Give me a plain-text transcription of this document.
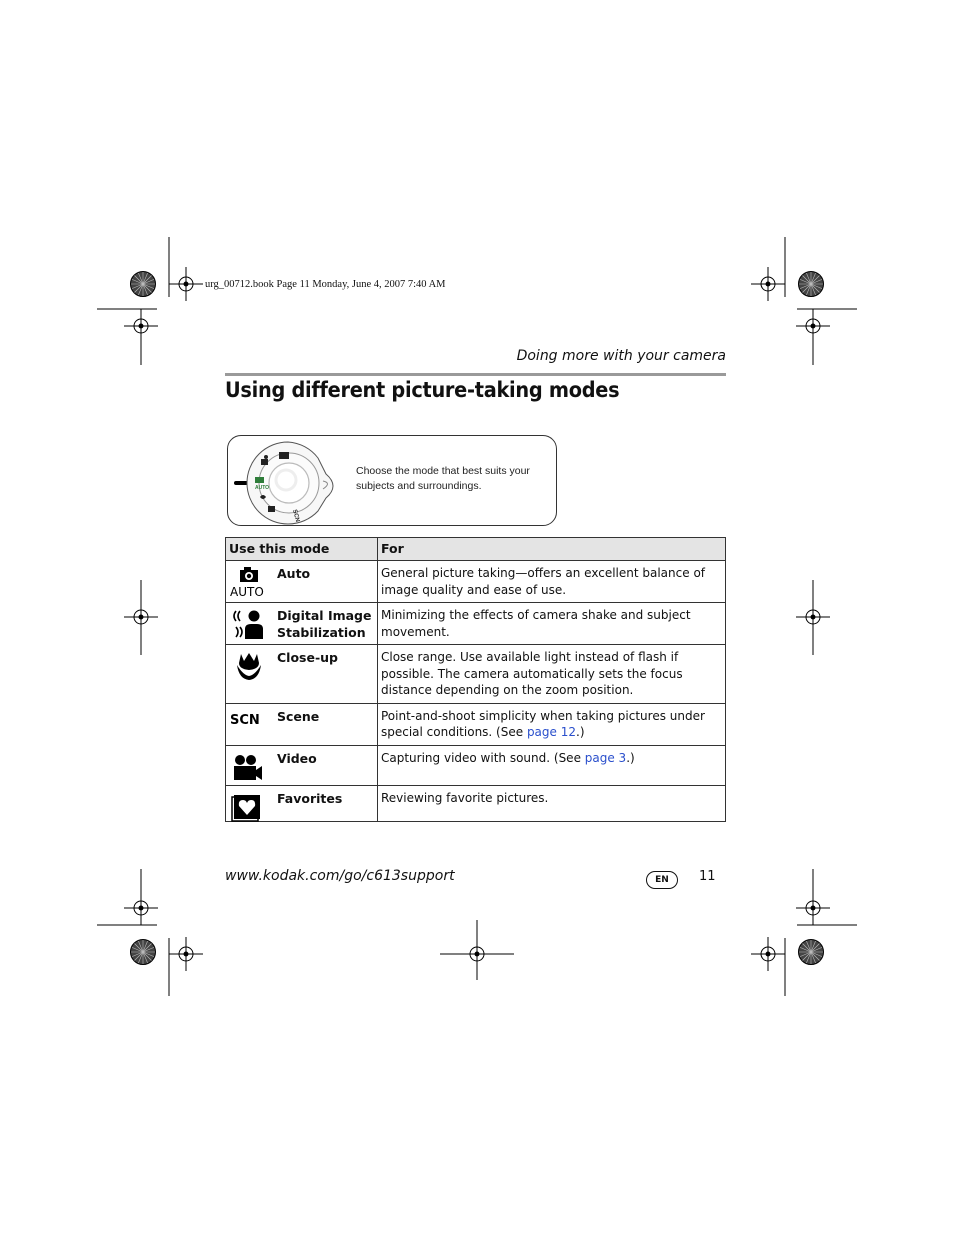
urg_00712.book Page 11 Monday, June 4, 2007 7:40 AM
Doing more with your camera
Using different picture-taking modes
AUTO
SCN
Choose the mode that best suits your subjects and surroundings.
Use this mode	For

AUTO
Auto	General picture taking—offers an excellent balance of image quality and ease of use.

Digital Image
Stabilization	Minimizing the effects of camera shake and subject movement.

Close-up	Close range. Use available light instead of flash if possible. The camera automatically sets the focus distance depending on the zoom position.

SCN Scene	Point-and-shoot simplicity when taking pictures under special conditions. (See page 12.)

Video	Capturing video with sound. (See page 3.)

Favorites	Reviewing favorite pictures.
www.kodak.com/go/c613support	EN	11
